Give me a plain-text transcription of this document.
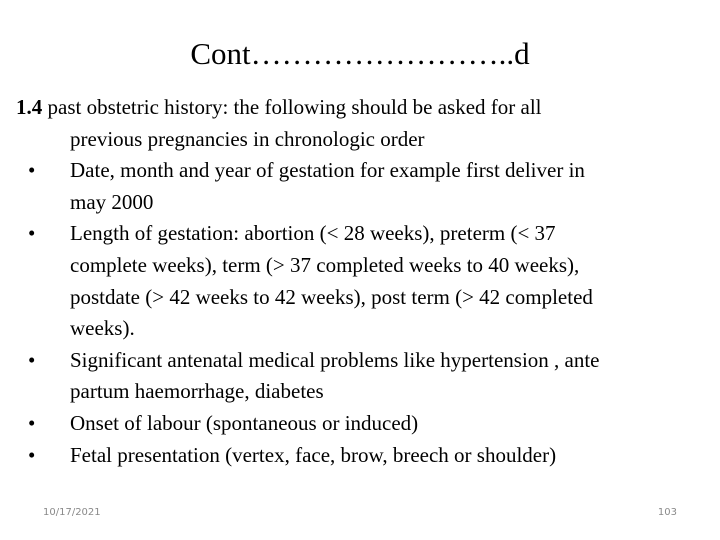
Cont……………………..d
1.4 past obstetric history: the following should be asked for all
previous pregnancies in chronologic order
• Date, month and year of gestation for example first deliver in
may 2000
• Length of gestation: abortion (< 28 weeks), preterm (< 37
complete weeks), term (> 37 completed weeks to 40 weeks),
postdate (> 42 weeks to 42 weeks), post term (> 42 completed
weeks).
• Significant antenatal medical problems like hypertension , ante
partum haemorrhage, diabetes
• Onset of labour (spontaneous or induced)
• Fetal presentation (vertex, face, brow, breech or shoulder)
10/17/2021	103
